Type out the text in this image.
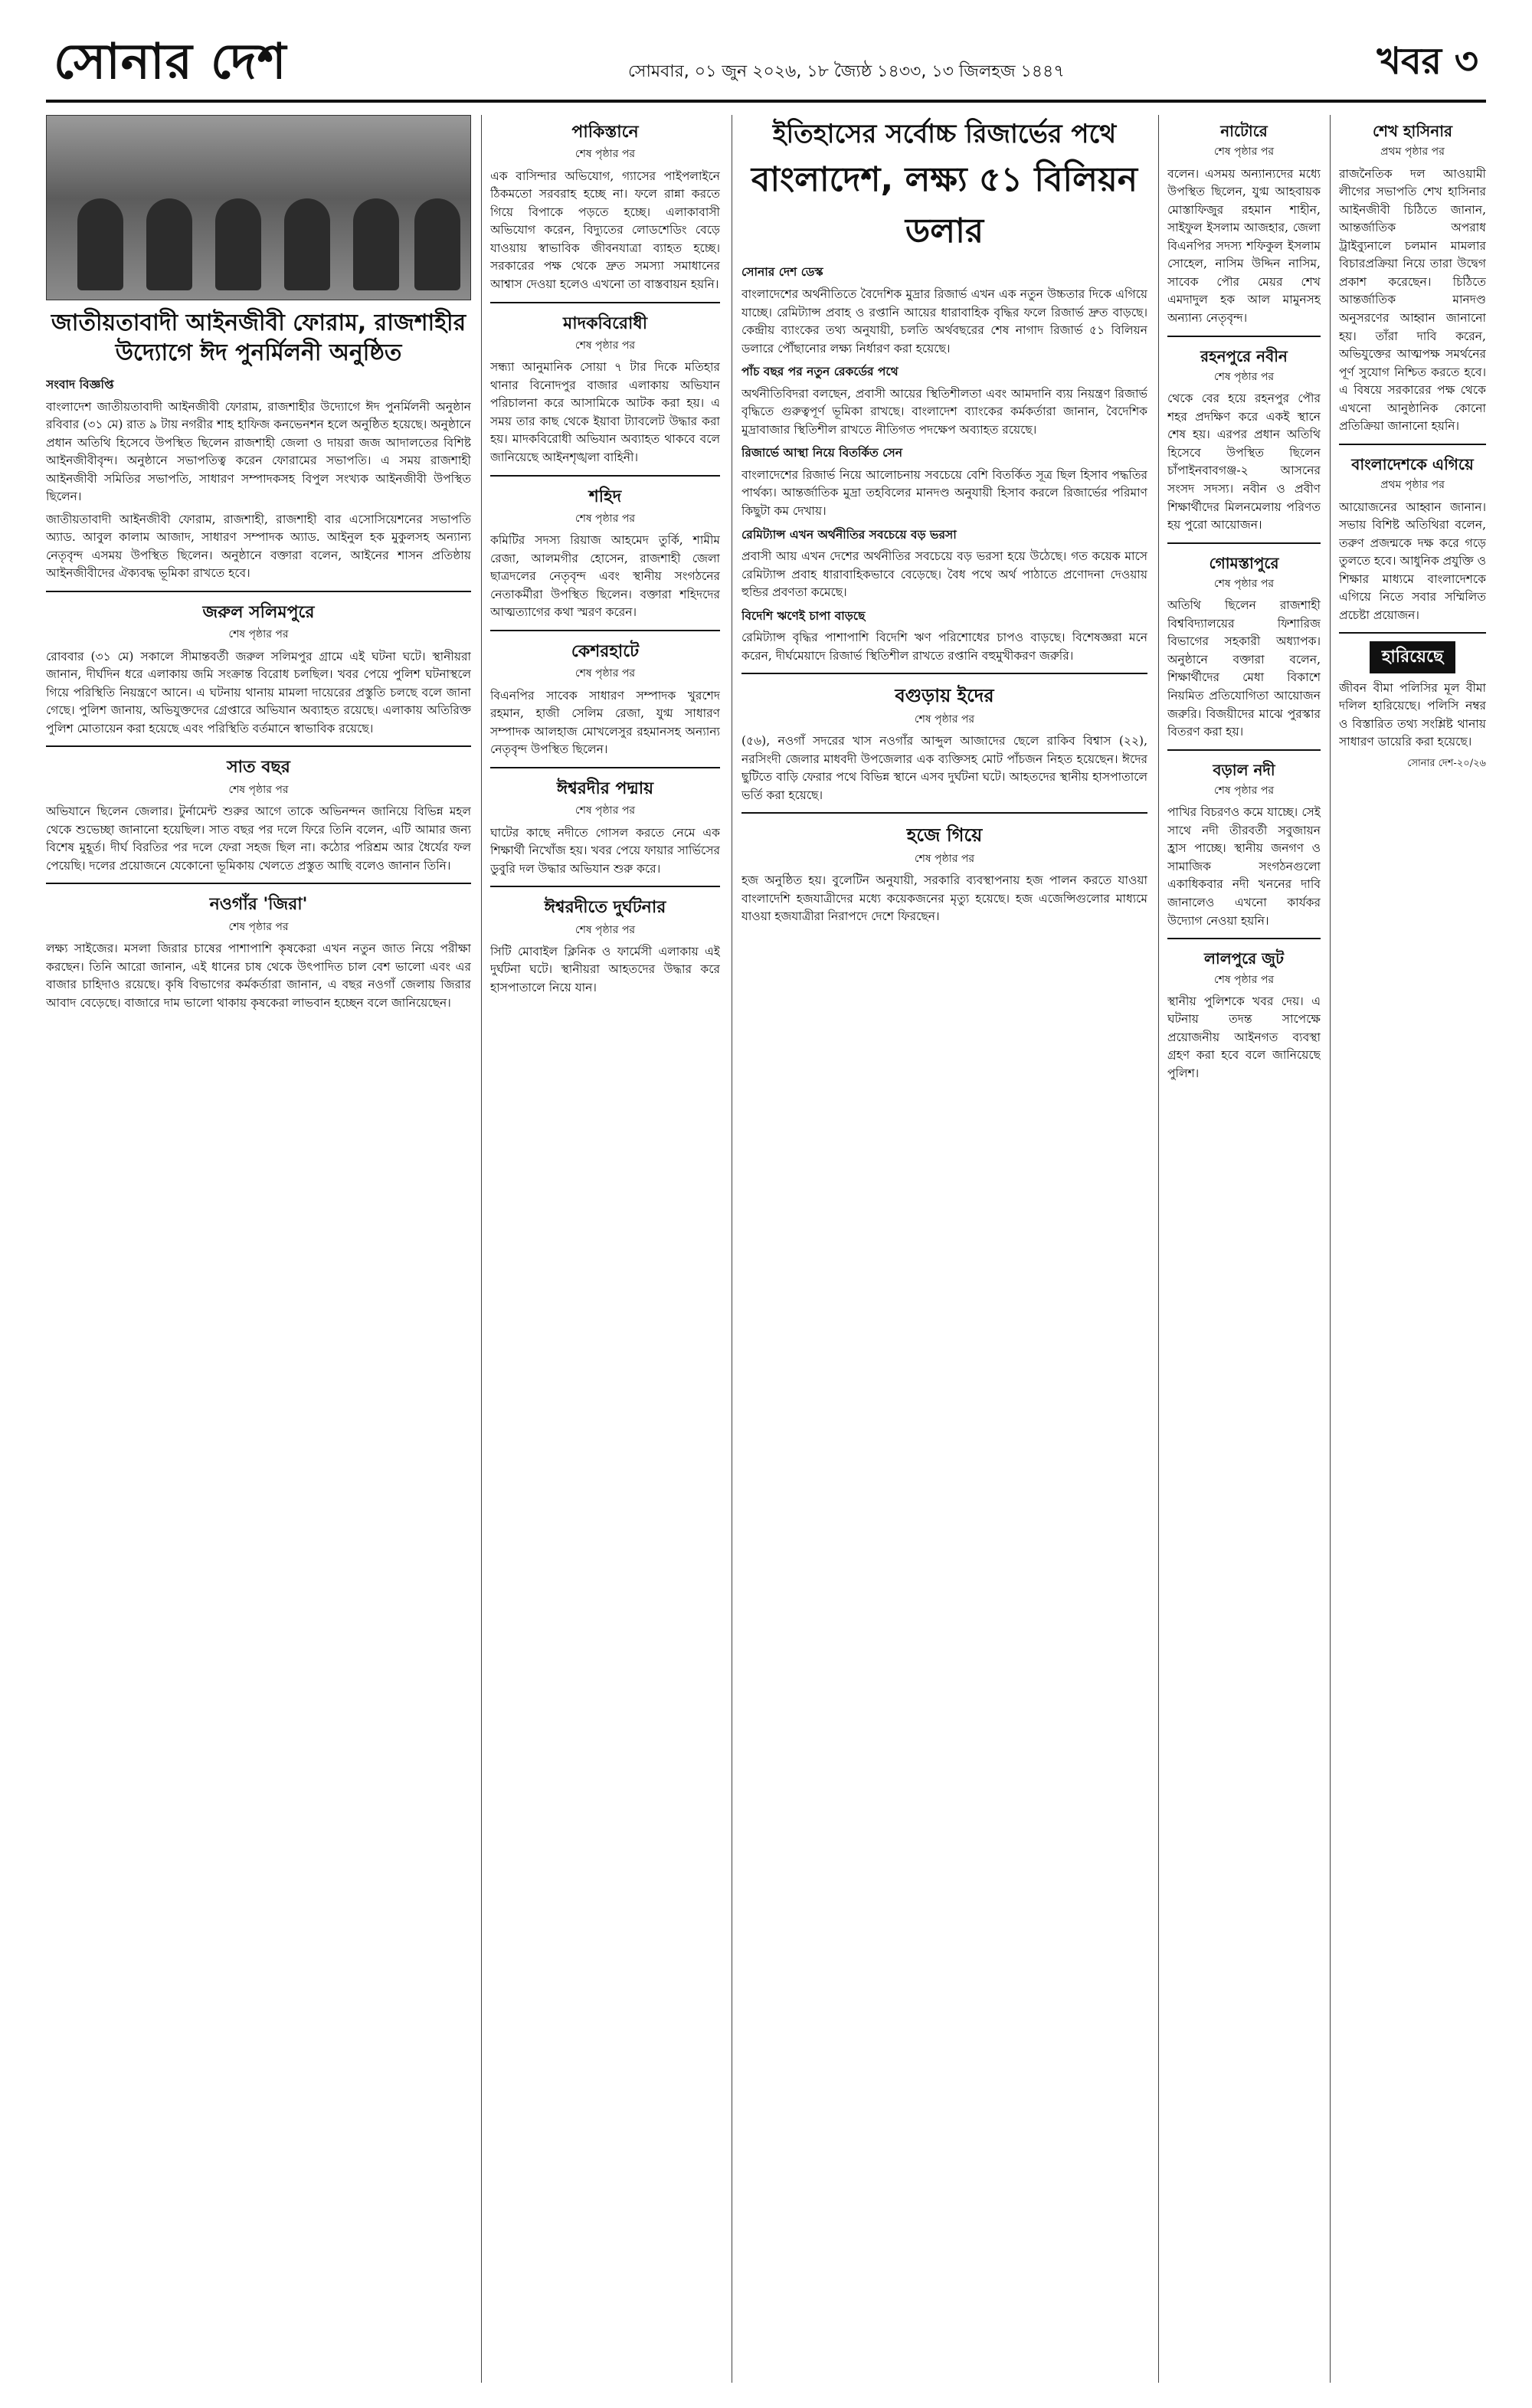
সোনার দেশ	সোমবার, ০১ জুন ২০২৬, ১৮ জ্যৈষ্ঠ ১৪৩৩, ১৩ জিলহজ ১৪৪৭	খবর ৩
জাতীয়তাবাদী আইনজীবী ফোরাম, রাজশাহীর উদ্যোগে ঈদ পুনর্মিলনী অনুষ্ঠিত

সংবাদ বিজ্ঞপ্তি

বাংলাদেশ জাতীয়তাবাদী আইনজীবী ফোরাম, রাজশাহীর উদ্যোগে ঈদ পুনর্মিলনী অনুষ্ঠান রবিবার (৩১ মে) রাত ৯ টায় নগরীর শাহ হাফিজ কনভেনশন হলে অনুষ্ঠিত হয়েছে। অনুষ্ঠানে প্রধান অতিথি হিসেবে উপস্থিত ছিলেন রাজশাহী জেলা ও দায়রা জজ আদালতের বিশিষ্ট আইনজীবীবৃন্দ। অনুষ্ঠানে সভাপতিত্ব করেন ফোরামের সভাপতি। এ সময় রাজশাহী আইনজীবী সমিতির সভাপতি, সাধারণ সম্পাদকসহ বিপুল সংখ্যক আইনজীবী উপস্থিত ছিলেন।

জাতীয়তাবাদী আইনজীবী ফোরাম, রাজশাহী, রাজশাহী বার এসোসিয়েশনের সভাপতি অ্যাড. আবুল কালাম আজাদ, সাধারণ সম্পাদক অ্যাড. আইনুল হক মুকুলসহ অন্যান্য নেতৃবৃন্দ এসময় উপস্থিত ছিলেন। অনুষ্ঠানে বক্তারা বলেন, আইনের শাসন প্রতিষ্ঠায় আইনজীবীদের ঐক্যবদ্ধ ভূমিকা রাখতে হবে।

জরুল সলিমপুরে
শেষ পৃষ্ঠার পর

রোববার (৩১ মে) সকালে সীমান্তবর্তী জরুল সলিমপুর গ্রামে এই ঘটনা ঘটে। স্থানীয়রা জানান, দীর্ঘদিন ধরে এলাকায় জমি সংক্রান্ত বিরোধ চলছিল। খবর পেয়ে পুলিশ ঘটনাস্থলে গিয়ে পরিস্থিতি নিয়ন্ত্রণে আনে। এ ঘটনায় থানায় মামলা দায়েরের প্রস্তুতি চলছে বলে জানা গেছে। পুলিশ জানায়, অভিযুক্তদের গ্রেপ্তারে অভিযান অব্যাহত রয়েছে। এলাকায় অতিরিক্ত পুলিশ মোতায়েন করা হয়েছে এবং পরিস্থিতি বর্তমানে স্বাভাবিক রয়েছে।

সাত বছর
শেষ পৃষ্ঠার পর

অভিযানে ছিলেন জেলার। টুর্নামেন্ট শুরুর আগে তাকে অভিনন্দন জানিয়ে বিভিন্ন মহল থেকে শুভেচ্ছা জানানো হয়েছিল। সাত বছর পর দলে ফিরে তিনি বলেন, এটি আমার জন্য বিশেষ মুহূর্ত। দীর্ঘ বিরতির পর দলে ফেরা সহজ ছিল না। কঠোর পরিশ্রম আর ধৈর্যের ফল পেয়েছি। দলের প্রয়োজনে যেকোনো ভূমিকায় খেলতে প্রস্তুত আছি বলেও জানান তিনি।

নওগাঁর 'জিরা'
শেষ পৃষ্ঠার পর

লক্ষ্য সাইজের। মসলা জিরার চাষের পাশাপাশি কৃষকেরা এখন নতুন জাত নিয়ে পরীক্ষা করছেন। তিনি আরো জানান, এই ধানের চাষ থেকে উৎপাদিত চাল বেশ ভালো এবং এর বাজার চাহিদাও রয়েছে। কৃষি বিভাগের কর্মকর্তারা জানান, এ বছর নওগাঁ জেলায় জিরার আবাদ বেড়েছে। বাজারে দাম ভালো থাকায় কৃষকেরা লাভবান হচ্ছেন বলে জানিয়েছেন।

পাকিস্তানে
শেষ পৃষ্ঠার পর

এক বাসিন্দার অভিযোগ, গ্যাসের পাইপলাইনে ঠিকমতো সরবরাহ হচ্ছে না। ফলে রান্না করতে গিয়ে বিপাকে পড়তে হচ্ছে। এলাকাবাসী অভিযোগ করেন, বিদ্যুতের লোডশেডিং বেড়ে যাওয়ায় স্বাভাবিক জীবনযাত্রা ব্যাহত হচ্ছে। সরকারের পক্ষ থেকে দ্রুত সমস্যা সমাধানের আশ্বাস দেওয়া হলেও এখনো তা বাস্তবায়ন হয়নি।

মাদকবিরোধী
শেষ পৃষ্ঠার পর

সন্ধ্যা আনুমানিক সোয়া ৭ টার দিকে মতিহার থানার বিনোদপুর বাজার এলাকায় অভিযান পরিচালনা করে আসামিকে আটক করা হয়। এ সময় তার কাছ থেকে ইয়াবা ট্যাবলেট উদ্ধার করা হয়। মাদকবিরোধী অভিযান অব্যাহত থাকবে বলে জানিয়েছে আইনশৃঙ্খলা বাহিনী।

শহিদ
শেষ পৃষ্ঠার পর

কমিটির সদস্য রিয়াজ আহমেদ তুর্কি, শামীম রেজা, আলমগীর হোসেন, রাজশাহী জেলা ছাত্রদলের নেতৃবৃন্দ এবং স্থানীয় সংগঠনের নেতাকর্মীরা উপস্থিত ছিলেন। বক্তারা শহিদদের আত্মত্যাগের কথা স্মরণ করেন।

কেশরহাটে
শেষ পৃষ্ঠার পর

বিএনপির সাবেক সাধারণ সম্পাদক খুরশেদ রহমান, হাজী সেলিম রেজা, যুগ্ম সাধারণ সম্পাদক আলহাজ মোখলেসুর রহমানসহ অন্যান্য নেতৃবৃন্দ উপস্থিত ছিলেন।

ঈশ্বরদীর পদ্মায়
শেষ পৃষ্ঠার পর

ঘাটের কাছে নদীতে গোসল করতে নেমে এক শিক্ষার্থী নিখোঁজ হয়। খবর পেয়ে ফায়ার সার্ভিসের ডুবুরি দল উদ্ধার অভিযান শুরু করে।

ঈশ্বরদীতে দুর্ঘটনার
শেষ পৃষ্ঠার পর

সিটি মোবাইল ক্লিনিক ও ফার্মেসী এলাকায় এই দুর্ঘটনা ঘটে। স্থানীয়রা আহতদের উদ্ধার করে হাসপাতালে নিয়ে যান।

ইতিহাসের সর্বোচ্চ রিজার্ভের পথে
বাংলাদেশ, লক্ষ্য ৫১ বিলিয়ন ডলার

সোনার দেশ ডেস্ক

বাংলাদেশের অর্থনীতিতে বৈদেশিক মুদ্রার রিজার্ভ এখন এক নতুন উচ্চতার দিকে এগিয়ে যাচ্ছে। রেমিট্যান্স প্রবাহ ও রপ্তানি আয়ের ধারাবাহিক বৃদ্ধির ফলে রিজার্ভ দ্রুত বাড়ছে। কেন্দ্রীয় ব্যাংকের তথ্য অনুযায়ী, চলতি অর্থবছরের শেষ নাগাদ রিজার্ভ ৫১ বিলিয়ন ডলারে পৌঁছানোর লক্ষ্য নির্ধারণ করা হয়েছে।

পাঁচ বছর পর নতুন রেকর্ডের পথে

অর্থনীতিবিদরা বলছেন, প্রবাসী আয়ের স্থিতিশীলতা এবং আমদানি ব্যয় নিয়ন্ত্রণ রিজার্ভ বৃদ্ধিতে গুরুত্বপূর্ণ ভূমিকা রাখছে। বাংলাদেশ ব্যাংকের কর্মকর্তারা জানান, বৈদেশিক মুদ্রাবাজার স্থিতিশীল রাখতে নীতিগত পদক্ষেপ অব্যাহত রয়েছে।

রিজার্ভে আস্থা নিয়ে বিতর্কিত সেন

বাংলাদেশের রিজার্ভ নিয়ে আলোচনায় সবচেয়ে বেশি বিতর্কিত সূত্র ছিল হিসাব পদ্ধতির পার্থক্য। আন্তর্জাতিক মুদ্রা তহবিলের মানদণ্ড অনুযায়ী হিসাব করলে রিজার্ভের পরিমাণ কিছুটা কম দেখায়।

রেমিট্যান্স এখন অর্থনীতির সবচেয়ে বড় ভরসা

প্রবাসী আয় এখন দেশের অর্থনীতির সবচেয়ে বড় ভরসা হয়ে উঠেছে। গত কয়েক মাসে রেমিট্যান্স প্রবাহ ধারাবাহিকভাবে বেড়েছে। বৈধ পথে অর্থ পাঠাতে প্রণোদনা দেওয়ায় হুন্ডির প্রবণতা কমেছে।

বিদেশি ঋণেই চাপা বাড়ছে

রেমিট্যান্স বৃদ্ধির পাশাপাশি বিদেশি ঋণ পরিশোধের চাপও বাড়ছে। বিশেষজ্ঞরা মনে করেন, দীর্ঘমেয়াদে রিজার্ভ স্থিতিশীল রাখতে রপ্তানি বহুমুখীকরণ জরুরি।

বগুড়ায় ইদের
শেষ পৃষ্ঠার পর

(৫৬), নওগাঁ সদরের খাস নওগাঁর আব্দুল আজাদের ছেলে রাকিব বিশ্বাস (২২), নরসিংদী জেলার মাধবদী উপজেলার এক ব্যক্তিসহ মোট পাঁচজন নিহত হয়েছেন। ঈদের ছুটিতে বাড়ি ফেরার পথে বিভিন্ন স্থানে এসব দুর্ঘটনা ঘটে। আহতদের স্থানীয় হাসপাতালে ভর্তি করা হয়েছে।

হজে গিয়ে
শেষ পৃষ্ঠার পর

হজ অনুষ্ঠিত হয়। বুলেটিন অনুযায়ী, সরকারি ব্যবস্থাপনায় হজ পালন করতে যাওয়া বাংলাদেশি হজযাত্রীদের মধ্যে কয়েকজনের মৃত্যু হয়েছে। হজ এজেন্সিগুলোর মাধ্যমে যাওয়া হজযাত্রীরা নিরাপদে দেশে ফিরছেন।

নাটোরে
শেষ পৃষ্ঠার পর

বলেন। এসময় অন্যান্যদের মধ্যে উপস্থিত ছিলেন, যুগ্ম আহবায়ক মোস্তাফিজুর রহমান শাহীন, সাইফুল ইসলাম আজহার, জেলা বিএনপির সদস্য শফিকুল ইসলাম সোহেল, নাসিম উদ্দিন নাসিম, সাবেক পৌর মেয়র শেখ এমদাদুল হক আল মামুনসহ অন্যান্য নেতৃবৃন্দ।

রহনপুরে নবীন
শেষ পৃষ্ঠার পর

থেকে বের হয়ে রহনপুর পৌর শহর প্রদক্ষিণ করে একই স্থানে শেষ হয়। এরপর প্রধান অতিথি হিসেবে উপস্থিত ছিলেন চাঁপাইনবাবগঞ্জ-২ আসনের সংসদ সদস্য। নবীন ও প্রবীণ শিক্ষার্থীদের মিলনমেলায় পরিণত হয় পুরো আয়োজন।

গোমস্তাপুরে
শেষ পৃষ্ঠার পর

অতিথি ছিলেন রাজশাহী বিশ্ববিদ্যালয়ের ফিশারিজ বিভাগের সহকারী অধ্যাপক। অনুষ্ঠানে বক্তারা বলেন, শিক্ষার্থীদের মেধা বিকাশে নিয়মিত প্রতিযোগিতা আয়োজন জরুরি। বিজয়ীদের মাঝে পুরস্কার বিতরণ করা হয়।

বড়াল নদী
শেষ পৃষ্ঠার পর

পাখির বিচরণও কমে যাচ্ছে। সেই সাথে নদী তীরবর্তী সবুজায়ন হ্রাস পাচ্ছে। স্থানীয় জনগণ ও সামাজিক সংগঠনগুলো একাধিকবার নদী খননের দাবি জানালেও এখনো কার্যকর উদ্যোগ নেওয়া হয়নি।

লালপুরে জুট
শেষ পৃষ্ঠার পর

স্থানীয় পুলিশকে খবর দেয়। এ ঘটনায় তদন্ত সাপেক্ষে প্রয়োজনীয় আইনগত ব্যবস্থা গ্রহণ করা হবে বলে জানিয়েছে পুলিশ।

শেখ হাসিনার
প্রথম পৃষ্ঠার পর

রাজনৈতিক দল আওয়ামী লীগের সভাপতি শেখ হাসিনার আইনজীবী চিঠিতে জানান, আন্তর্জাতিক অপরাধ ট্রাইব্যুনালে চলমান মামলার বিচারপ্রক্রিয়া নিয়ে তারা উদ্বেগ প্রকাশ করেছেন। চিঠিতে আন্তর্জাতিক মানদণ্ড অনুসরণের আহ্বান জানানো হয়। তাঁরা দাবি করেন, অভিযুক্তের আত্মপক্ষ সমর্থনের পূর্ণ সুযোগ নিশ্চিত করতে হবে। এ বিষয়ে সরকারের পক্ষ থেকে এখনো আনুষ্ঠানিক কোনো প্রতিক্রিয়া জানানো হয়নি।

বাংলাদেশকে এগিয়ে
প্রথম পৃষ্ঠার পর

আয়োজনের আহ্বান জানান। সভায় বিশিষ্ট অতিথিরা বলেন, তরুণ প্রজন্মকে দক্ষ করে গড়ে তুলতে হবে। আধুনিক প্রযুক্তি ও শিক্ষার মাধ্যমে বাংলাদেশকে এগিয়ে নিতে সবার সম্মিলিত প্রচেষ্টা প্রয়োজন।

হারিয়েছে

জীবন বীমা পলিসির মূল বীমা দলিল হারিয়েছে। পলিসি নম্বর ও বিস্তারিত তথ্য সংশ্লিষ্ট থানায় সাধারণ ডায়েরি করা হয়েছে।

সোনার দেশ-২০/২৬
